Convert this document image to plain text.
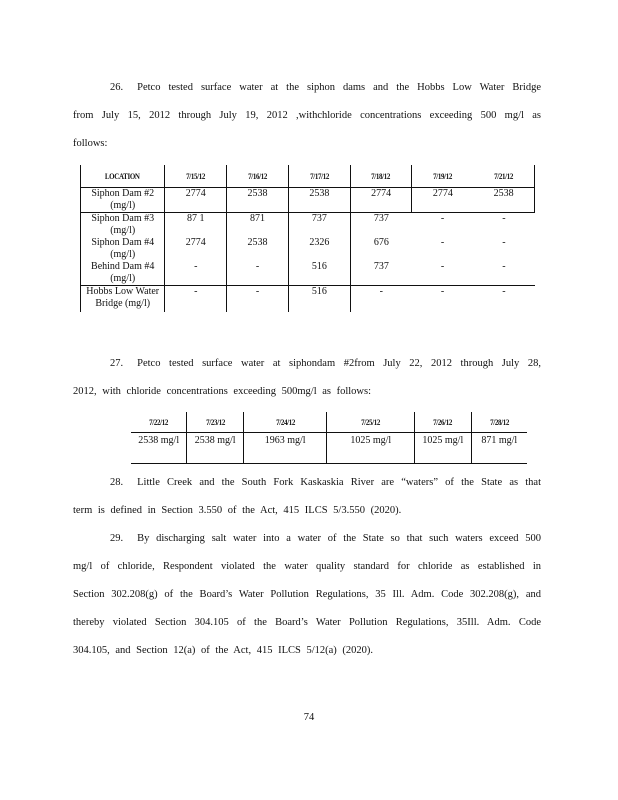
26. Petco tested surface water at the siphon dams and the Hobbs Low Water Bridge
from July 15, 2012 through July 19, 2012 ,withchloride concentrations exceeding 500 mg/l as
follows:
LOCATION	7/15/12	7/16/12	7/17/12	7/18/12	7/19/12	7/21/12
Siphon Dam #2 (mg/l)	2774	2538	2538	2774	2774	2538
Siphon Dam #3 (mg/l)	87 1	871	737	737	-	-
Siphon Dam #4 (mg/l)	2774	2538	2326	676	-	-
Behind Dam #4 (mg/l)	-	-	516	737	-	-
Hobbs Low Water Bridge (mg/l)	-	-	516	-	-	-
27. Petco tested surface water at siphondam #2from July 22, 2012 through July 28,
2012, with chloride concentrations exceeding 500mg/l as follows:
7/22/12	7/23/12	7/24/12	7/25/12	7/26/12	7/28/12
2538 mg/l	2538 mg/l	1963 mg/l	1025 mg/l	1025 mg/l	871 mg/l
28. Little Creek and the South Fork Kaskaskia River are “waters” of the State as that
term is defined in Section 3.550 of the Act, 415 ILCS 5/3.550 (2020).
29. By discharging salt water into a water of the State so that such waters exceed 500
mg/l of chloride, Respondent violated the water quality standard for chloride as established in
Section 302.208(g) of the Board’s Water Pollution Regulations, 35 Ill. Adm. Code 302.208(g), and
thereby violated Section 304.105 of the Board’s Water Pollution Regulations, 35Ill. Adm. Code
304.105, and Section 12(a) of the Act, 415 ILCS 5/12(a) (2020).
74
